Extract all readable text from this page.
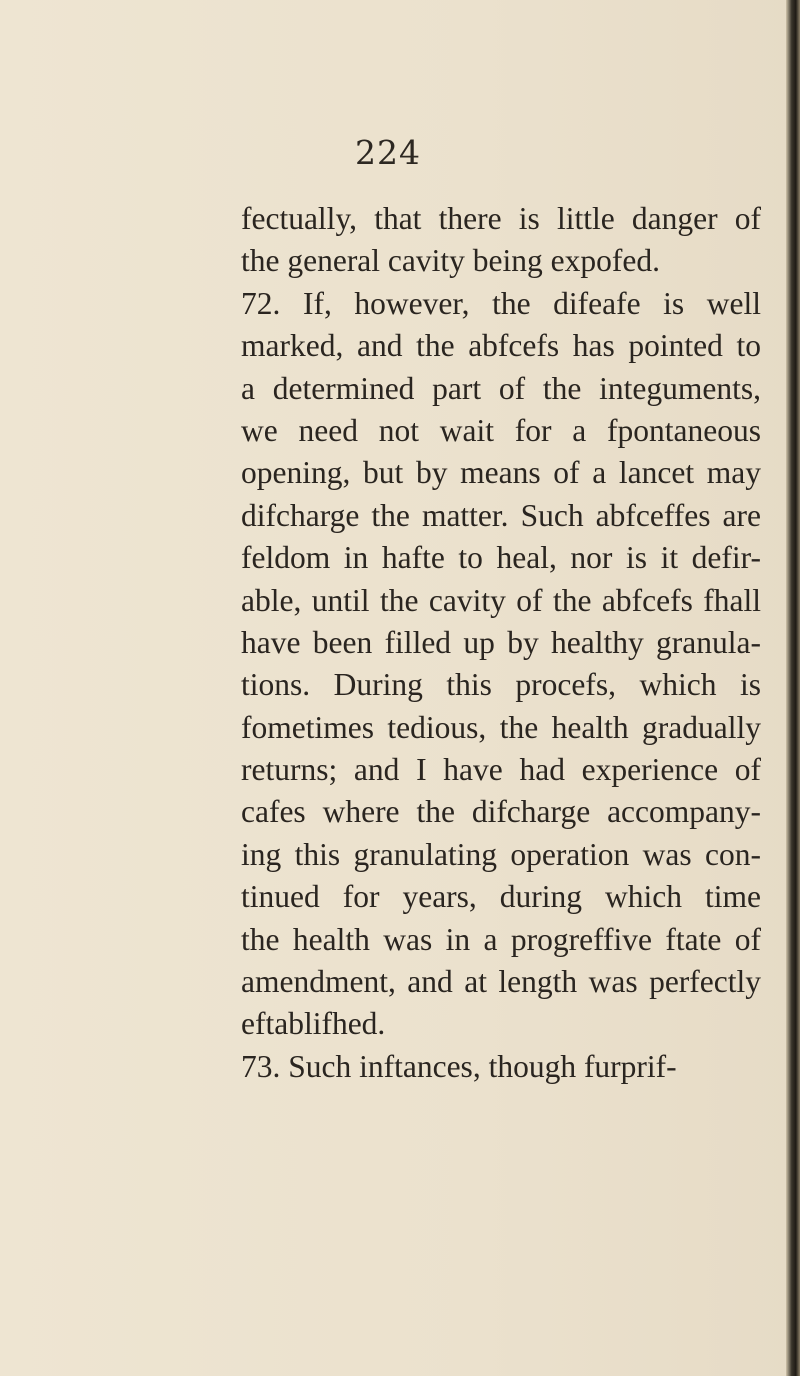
224
fectually, that there is little danger of
the general cavity being expofed.
72. If, however, the difeafe is well
marked, and the abfcefs has pointed to
a determined part of the integuments,
we need not wait for a fpontaneous
opening, but by means of a lancet may
difcharge the matter. Such abfceffes are
feldom in hafte to heal, nor is it defir-
able, until the cavity of the abfcefs fhall
have been filled up by healthy granula-
tions. During this procefs, which is
fometimes tedious, the health gradually
returns; and I have had experience of
cafes where the difcharge accompany-
ing this granulating operation was con-
tinued for years, during which time
the health was in a progreffive ftate of
amendment, and at length was perfectly
eftablifhed.
73. Such inftances, though furprif-
